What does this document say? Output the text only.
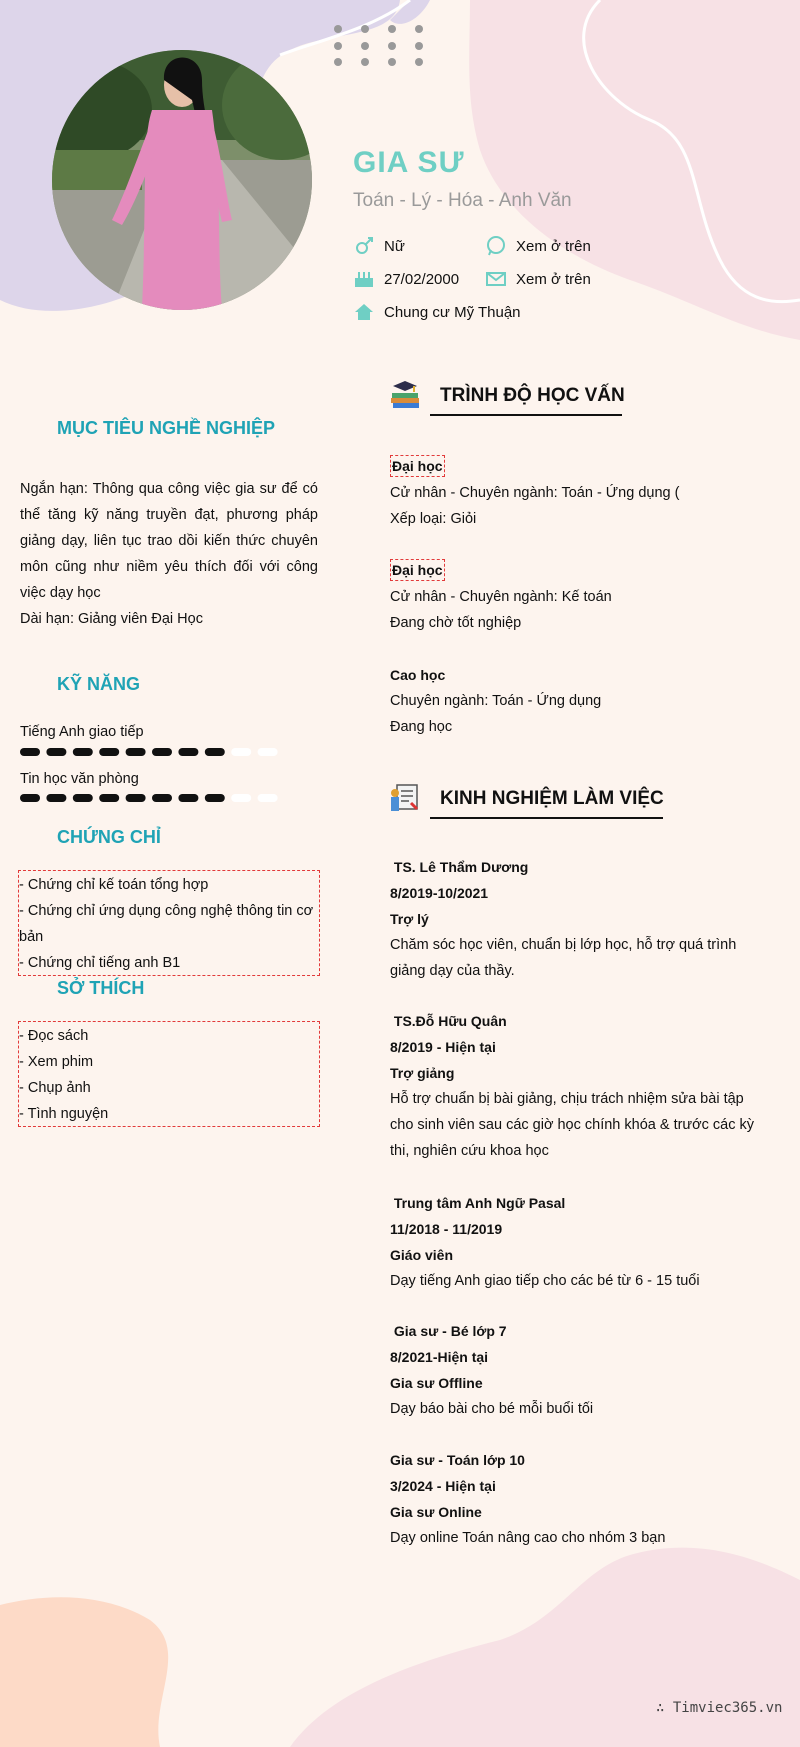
GIA SƯ
Toán - Lý - Hóa - Anh Văn
Nữ	Xem ở trên
27/02/2000	Xem ở trên
Chung cư Mỹ Thuận
MỤC TIÊU NGHỀ NGHIỆP
Ngắn hạn: Thông qua công việc gia sư để có thể tăng kỹ năng truyền đạt, phương pháp giảng dạy, liên tục trao dồi kiến thức chuyên môn cũng như niềm yêu thích đối với công việc dạy học
Dài hạn: Giảng viên Đại Học
KỸ NĂNG
Tiếng Anh giao tiếp
Tin học văn phòng
CHỨNG CHỈ
- Chứng chỉ kế toán tổng hợp
- Chứng chỉ ứng dụng công nghệ thông tin cơ bản
- Chứng chỉ tiếng anh B1
SỞ THÍCH
- Đọc sách
- Xem phim
- Chụp ảnh
- Tình nguyện
TRÌNH ĐỘ HỌC VẤN
Đại học
Cử nhân - Chuyên ngành: Toán - Ứng dụng (
Xếp loại: Giỏi
Đại học
Cử nhân - Chuyên ngành: Kế toán
Đang chờ tốt nghiệp
Cao học
Chuyên ngành: Toán - Ứng dụng
Đang học
KINH NGHIỆM LÀM VIỆC
TS. Lê Thẩm Dương
8/2019-10/2021
Trợ lý
Chăm sóc học viên, chuẩn bị lớp học, hỗ trợ quá trình giảng dạy của thầy.
TS.Đỗ Hữu Quân
8/2019 - Hiện tại
Trợ giảng
Hỗ trợ chuẩn bị bài giảng, chịu trách nhiệm sửa bài tập cho sinh viên sau các giờ học chính khóa & trước các kỳ thi, nghiên cứu khoa học
Trung tâm Anh Ngữ Pasal
11/2018 - 11/2019
Giáo viên
Dạy tiếng Anh giao tiếp cho các bé từ 6 - 15 tuổi
Gia sư - Bé lớp 7
8/2021-Hiện tại
Gia sư Offline
Dạy báo bài cho bé mỗi buổi tối
Gia sư - Toán lớp 10
3/2024 - Hiện tại
Gia sư Online
Dạy online Toán nâng cao cho nhóm 3 bạn
∴ Timviec365.vn
